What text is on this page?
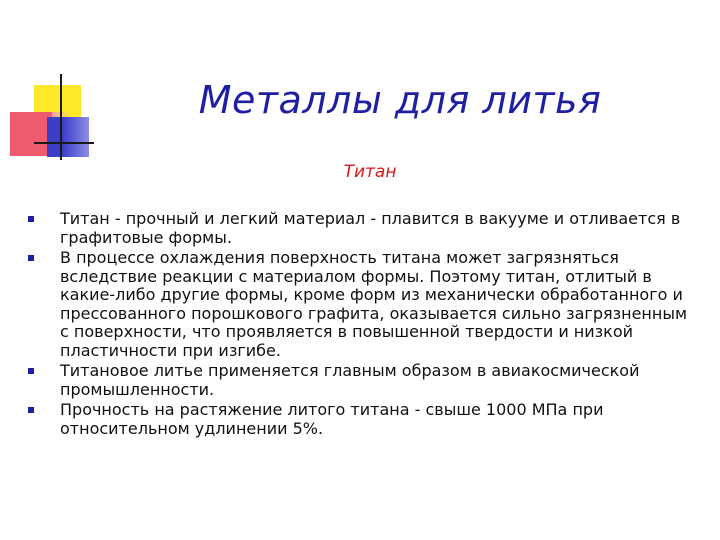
Металлы для литья
Титан
Титан - прочный и легкий материал - плавится в вакууме и отливается в графитовые формы.
В процессе охлаждения поверхность титана может загрязняться вследствие реакции с материалом формы. Поэтому титан, отлитый в какие-либо другие формы, кроме форм из механически обработанного и прессованного порошкового графита, оказывается сильно загрязненным с поверхности, что проявляется в повышенной твердости и низкой пластичности при изгибе.
Титановое литье применяется главным образом в авиакосмической промышленности.
Прочность на растяжение литого титана - свыше 1000 МПа при относительном удлинении 5%.
